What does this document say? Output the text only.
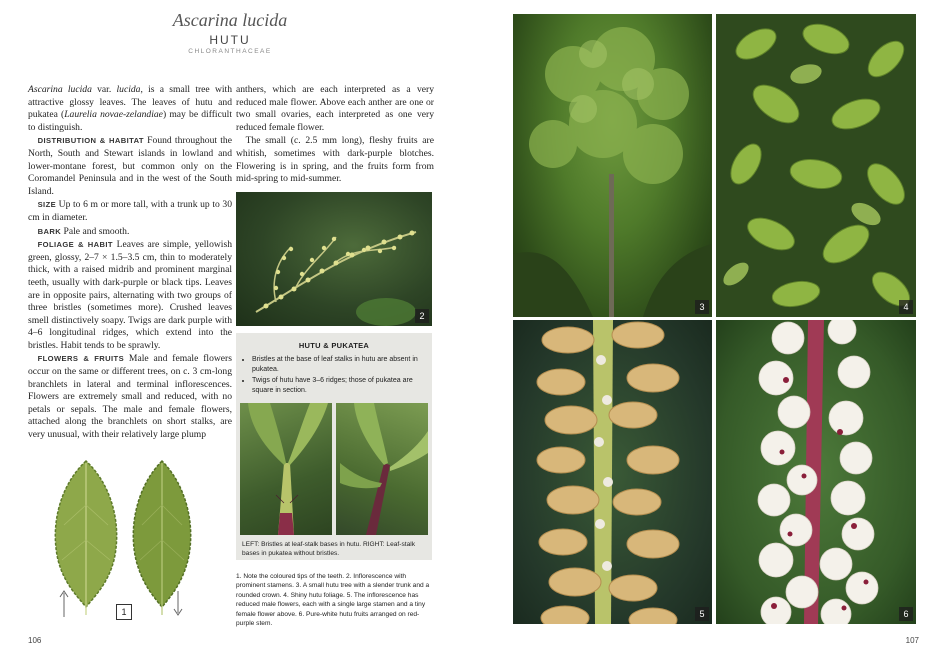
Ascarina lucida
HUTU
CHLORANTHACEAE

Ascarina lucida var. lucida, is a small tree with attractive glossy leaves. The leaves of hutu and pukatea (Laurelia novae-zelandiae) may be difficult to distinguish.

 DISTRIBUTION & HABITAT Found throughout the North, South and Stewart islands in lowland and lower-montane forest, but common only on the Coromandel Peninsula and in the west of the South Island.

 SIZE Up to 6 m or more tall, with a trunk up to 30 cm in diameter.

 BARK Pale and smooth.

 FOLIAGE & HABIT Leaves are simple, yellowish green, glossy, 2–7 × 1.5–3.5 cm, thin to moderately thick, with a raised midrib and prominent marginal teeth, usually with dark-purple or black tips. Leaves are in opposite pairs, alternating with two groups of three bristles (sometimes more). Crushed leaves smell distinctively soapy. Twigs are dark purple with 4–6 longitudinal ridges, which extend into the bristles. Habit tends to be sprawly.

 FLOWERS & FRUITS Male and female flowers occur on the same or different trees, on c. 3 cm-long branchlets in lateral and terminal inflorescences. Flowers are extremely small and reduced, with no petals or sepals. The male and female flowers, attached along the branchlets on short stalks, are very unusual, with their relatively large plump

anthers, which are each interpreted as a very reduced male flower. Above each anther are one or two small ovaries, each interpreted as one very reduced female flower.

 The small (c. 2.5 mm long), fleshy fruits are whitish, sometimes with dark-purple blotches. Flowering is in spring, and the fruits form from mid-spring to mid-summer.

1
2
HUTU & PUKATEA
• Bristles at the base of leaf stalks in hutu are absent in pukatea.
• Twigs of hutu have 3–6 ridges; those of pukatea are square in section.
LEFT: Bristles at leaf-stalk bases in hutu. RIGHT: Leaf-stalk bases in pukatea without bristles.
1. Note the coloured tips of the teeth. 2. Inflorescence with prominent stamens. 3. A small hutu tree with a slender trunk and a rounded crown. 4. Shiny hutu foliage. 5. The inflorescence has reduced male flowers, each with a single large stamen and a tiny female flower above. 6. Pure-white hutu fruits arranged on red-purple stem.
106	107
3	4
5	6
